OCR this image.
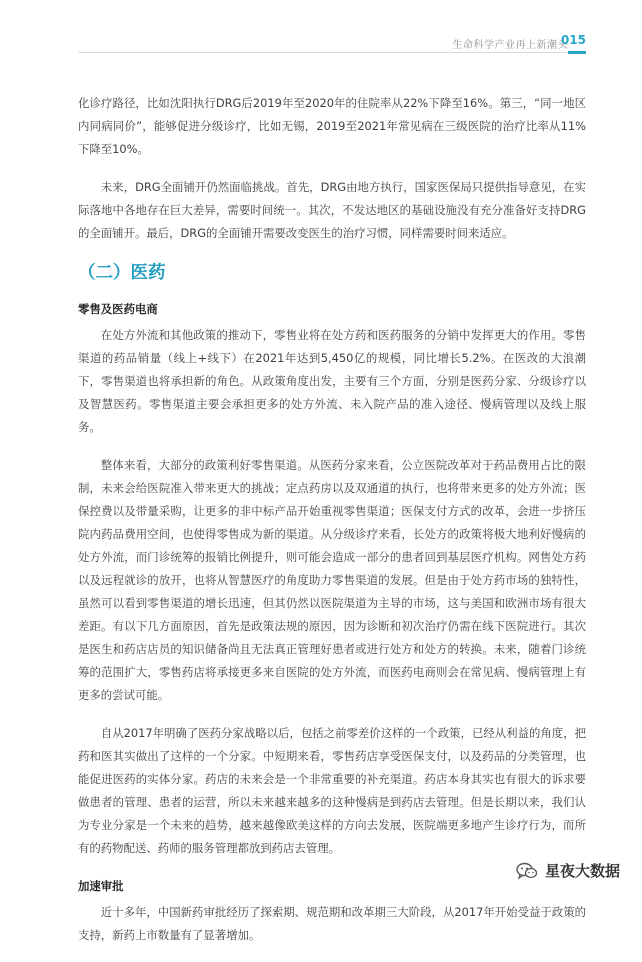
生命科学产业再上新潮头
015

化诊疗路径，比如沈阳执行DRG后2019年至2020年的住院率从22%下降至16%。第三，“同一地区内同病同价”，能够促进分级诊疗，比如无锡，2019至2021年常见病在三级医院的治疗比率从11%下降至10%。

未来，DRG全面铺开仍然面临挑战。首先，DRG由地方执行，国家医保局只提供指导意见，在实际落地中各地存在巨大差异，需要时间统一。其次，不发达地区的基础设施没有充分准备好支持DRG的全面铺开。最后，DRG的全面铺开需要改变医生的治疗习惯，同样需要时间来适应。

（二）医药
零售及医药电商

在处方外流和其他政策的推动下，零售业将在处方药和医药服务的分销中发挥更大的作用。零售渠道的药品销量（线上+线下）在2021年达到5,450亿的规模，同比增长5.2%。在医改的大浪潮下，零售渠道也将承担新的角色。从政策角度出发，主要有三个方面，分别是医药分家、分级诊疗以及智慧医药。零售渠道主要会承担更多的处方外流、未入院产品的准入途径、慢病管理以及线上服务。

整体来看，大部分的政策利好零售渠道。从医药分家来看，公立医院改革对于药品费用占比的限制，未来会给医院准入带来更大的挑战；定点药房以及双通道的执行，也将带来更多的处方外流；医保控费以及带量采购，让更多的非中标产品开始重视零售渠道；医保支付方式的改革，会进一步挤压院内药品费用空间，也使得零售成为新的渠道。从分级诊疗来看，长处方的政策将极大地利好慢病的处方外流，而门诊统筹的报销比例提升，则可能会造成一部分的患者回到基层医疗机构。网售处方药以及远程就诊的放开，也将从智慧医疗的角度助力零售渠道的发展。但是由于处方药市场的独特性，虽然可以看到零售渠道的增长迅速，但其仍然以医院渠道为主导的市场，这与美国和欧洲市场有很大差距。有以下几方面原因，首先是政策法规的原因，因为诊断和初次治疗仍需在线下医院进行。其次是医生和药店店员的知识储备尚且无法真正管理好患者或进行处方和处方的转换。未来，随着门诊统筹的范围扩大，零售药店将承接更多来自医院的处方外流，而医药电商则会在常见病、慢病管理上有更多的尝试可能。

自从2017年明确了医药分家战略以后，包括之前零差价这样的一个政策，已经从利益的角度，把药和医其实做出了这样的一个分家。中短期来看，零售药店享受医保支付，以及药品的分类管理，也能促进医药的实体分家。药店的未来会是一个非常重要的补充渠道。药店本身其实也有很大的诉求要做患者的管理、患者的运营，所以未来越来越多的这种慢病是到药店去管理。但是长期以来，我们认为专业分家是一个未来的趋势，越来越像欧美这样的方向去发展，医院端更多地产生诊疗行为，而所有的药物配送、药师的服务管理都放到药店去管理。

加速审批

近十多年，中国新药审批经历了探索期、规范期和改革期三大阶段，从2017年开始受益于政策的支持，新药上市数量有了显著增加。

星夜大数据
